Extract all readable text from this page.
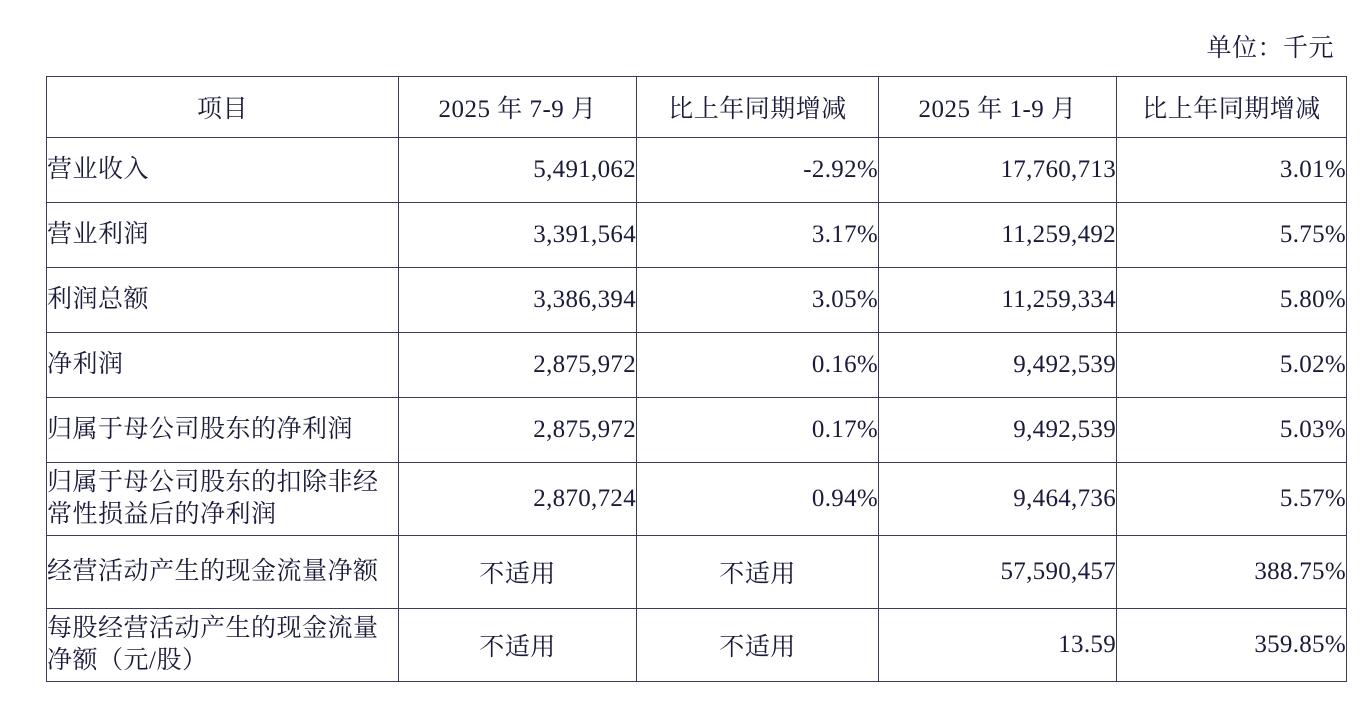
单位：千元
项目	2025 年 7-9 月	比上年同期增减	2025 年 1-9 月	比上年同期增减
营业收入	5,491,062	-2.92%	17,760,713	3.01%
营业利润	3,391,564	3.17%	11,259,492	5.75%
利润总额	3,386,394	3.05%	11,259,334	5.80%
净利润	2,875,972	0.16%	9,492,539	5.02%
归属于母公司股东的净利润	2,875,972	0.17%	9,492,539	5.03%
归属于母公司股东的扣除非经常性损益后的净利润	2,870,724	0.94%	9,464,736	5.57%
经营活动产生的现金流量净额	不适用	不适用	57,590,457	388.75%
每股经营活动产生的现金流量净额（元/股）	不适用	不适用	13.59	359.85%
